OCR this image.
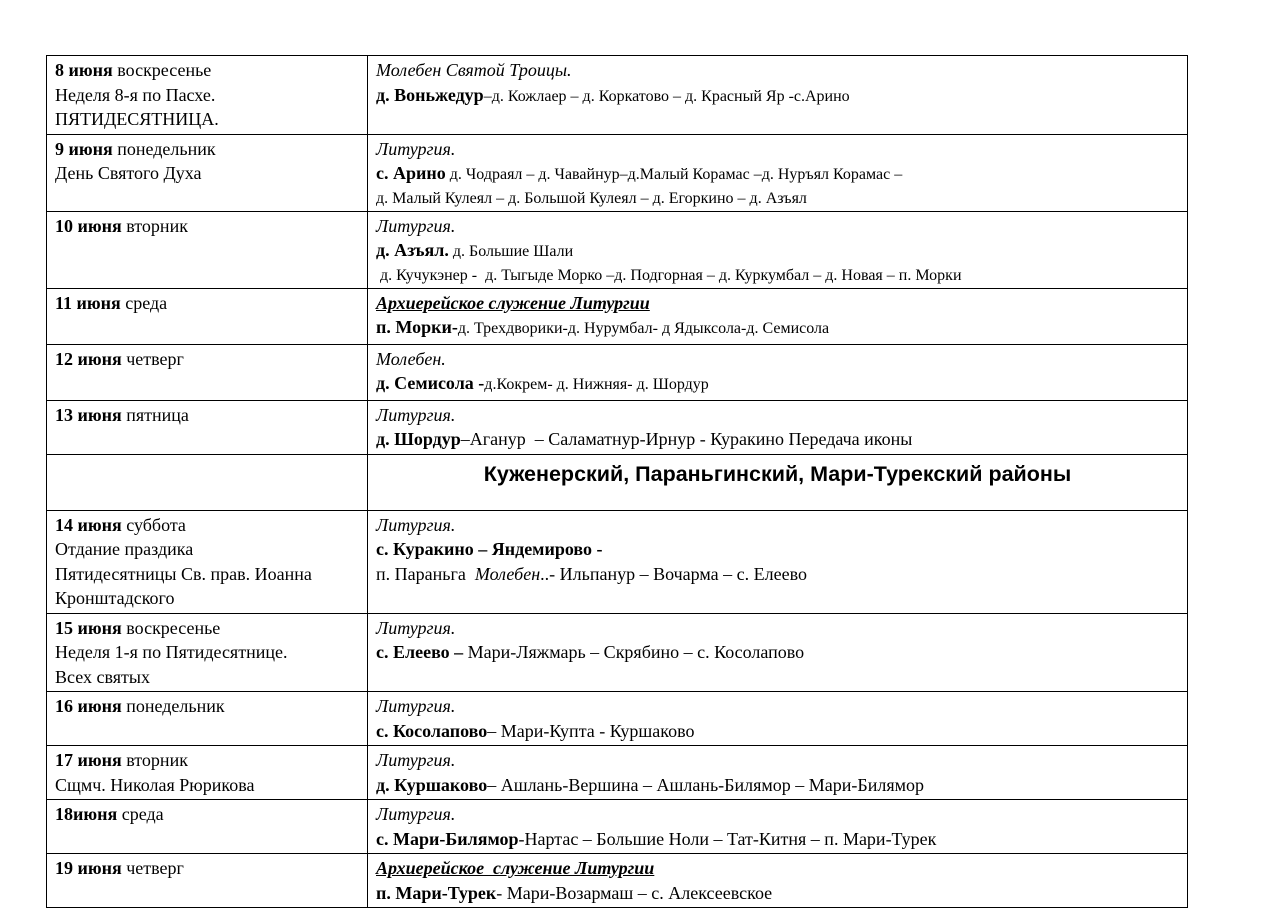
8 июня воскресенье
Неделя 8-я по Пасхе.
ПЯТИДЕСЯТНИЦА.	Молебен Святой Троицы.
д. Воньжедур–д. Кожлаер – д. Коркатово – д. Красный Яр -с.Арино

9 июня понедельник
День Святого Духа	Литургия.
с. Арино д. Чодраял – д. Чавайнур–д.Малый Корамас –д. Нуръял Корамас –
д. Малый Кулеял – д. Большой Кулеял – д. Егоркино – д. Азъял

10 июня вторник	Литургия.
д. Азъял. д. Большие Шали
д. Кучукэнер -  д. Тыгыде Морко –д. Подгорная – д. Куркумбал – д. Новая – п. Морки

11 июня среда	Архиерейское служение Литургии
п. Морки-д. Трехдворики-д. Нурумбал- д Ядыксола-д. Семисола

12 июня четверг	Молебен.
д. Семисола -д.Кокрем- д. Нижняя- д. Шордур

13 июня пятница	Литургия.
д. Шордур–Аганур  – Саламатнур-Ирнур - Куракино Передача иконы

	Куженерский, Параньгинский, Мари-Турекский районы

14 июня суббота
Отдание праздика
Пятидесятницы Св. прав. Иоанна
Кронштадского	Литургия.
с. Куракино – Яндемирово -
п. Параньга  Молебен..- Ильпанур – Вочарма – с. Елеево

15 июня воскресенье
Неделя 1-я по Пятидесятнице.
Всех святых	Литургия.
с. Елеево – Мари-Ляжмарь – Скрябино – с. Косолапово

16 июня понедельник	Литургия.
с. Косолапово– Мари-Купта - Куршаково

17 июня вторник
Сщмч. Николая Рюрикова	Литургия.
д. Куршаково– Ашлань-Вершина – Ашлань-Билямор – Мари-Билямор

18июня среда	Литургия.
с. Мари-Билямор-Нартас – Большие Ноли – Тат-Китня – п. Мари-Турек

19 июня четверг	Архиерейское  служение Литургии
п. Мари-Турек- Мари-Возармаш – с. Алексеевское
